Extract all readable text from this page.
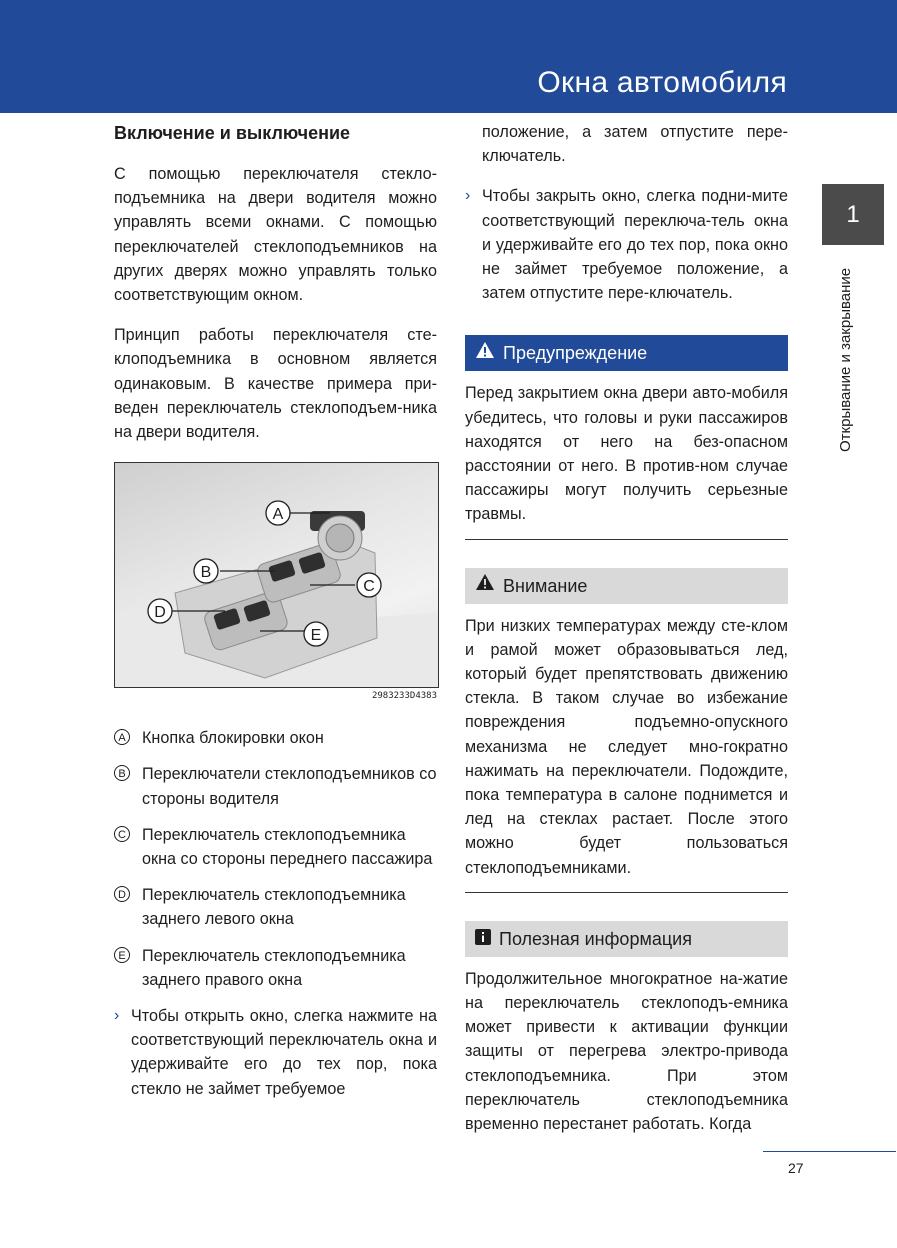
Окна автомобиля
1
Открывание и закрывание
Включение и выключение

С помощью переключателя стекло-подъемника на двери водителя можно управлять всеми окнами. С помощью переключателей стеклоподъемников на других дверях можно управлять только соответствующим окном.

Принцип работы переключателя сте-клоподъемника в основном является одинаковым. В качестве примера при-веден переключатель стеклоподъем-ника на двери водителя.

A
B
C
D
E
2983233D4383
A Кнопка блокировки окон
B Переключатели стеклоподъемников со стороны водителя
C Переключатель стеклоподъемника окна со стороны переднего пассажира
D Переключатель стеклоподъемника заднего левого окна
E Переключатель стеклоподъемника заднего правого окна

› Чтобы открыть окно, слегка нажмите на соответствующий переключатель окна и удерживайте его до тех пор, пока стекло не займет требуемое

положение, а затем отпустите пере-ключатель.

› Чтобы закрыть окно, слегка подни-мите соответствующий переключа-тель окна и удерживайте его до тех пор, пока окно не займет требуемое положение, а затем отпустите пере-ключатель.

Предупреждение

Перед закрытием окна двери авто-мобиля убедитесь, что головы и руки пассажиров находятся от него на без-опасном расстоянии от него. В против-ном случае пассажиры могут получить серьезные травмы.

Внимание

При низких температурах между сте-клом и рамой может образовываться лед, который будет препятствовать движению стекла. В таком случае во избежание повреждения подъемно-опускного механизма не следует мно-гократно нажимать на переключатели. Подождите, пока температура в салоне поднимется и лед на стеклах растает. После этого можно будет пользоваться стеклоподъемниками.

Полезная информация

Продолжительное многократное на-жатие на переключатель стеклоподъ-емника может привести к активации функции защиты от перегрева электро-привода стеклоподъемника. При этом переключатель стеклоподъемника временно перестанет работать. Когда

27
